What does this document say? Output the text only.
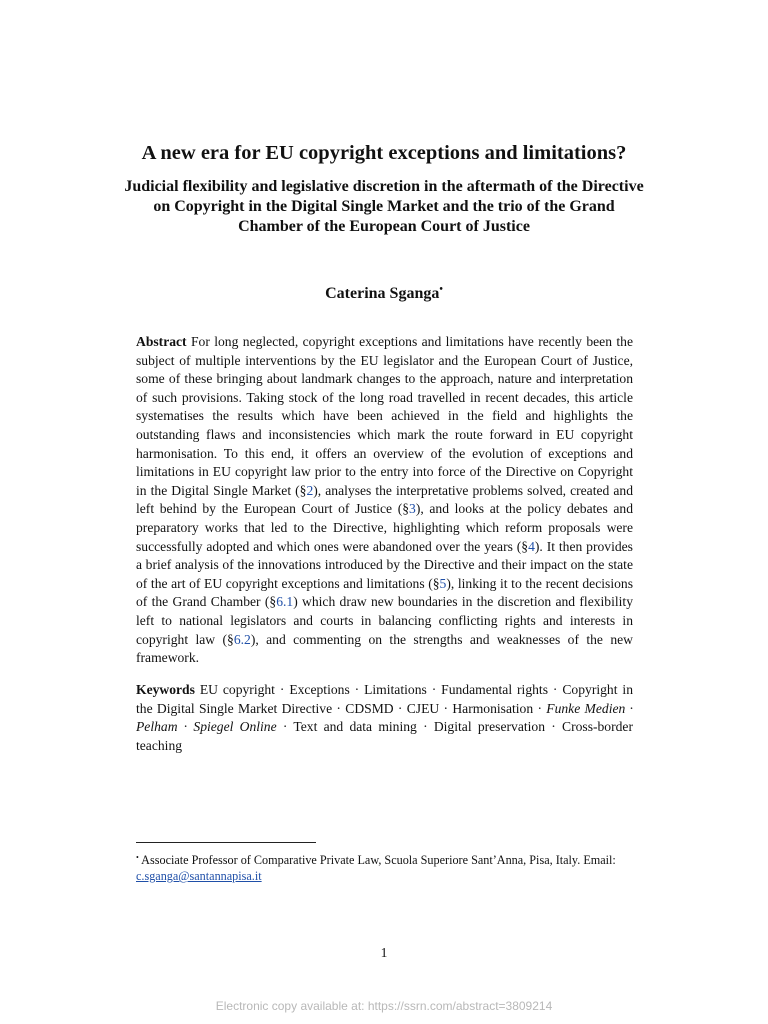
A new era for EU copyright exceptions and limitations?
Judicial flexibility and legislative discretion in the aftermath of the Directive on Copyright in the Digital Single Market and the trio of the Grand Chamber of the European Court of Justice
Caterina Sganga•
Abstract For long neglected, copyright exceptions and limitations have recently been the subject of multiple interventions by the EU legislator and the European Court of Justice, some of these bringing about landmark changes to the approach, nature and interpretation of such provisions. Taking stock of the long road travelled in recent decades, this article systematises the results which have been achieved in the field and highlights the outstanding flaws and inconsistencies which mark the route forward in EU copyright harmonisation. To this end, it offers an overview of the evolution of exceptions and limitations in EU copyright law prior to the entry into force of the Directive on Copyright in the Digital Single Market (§2), analyses the interpretative problems solved, created and left behind by the European Court of Justice (§3), and looks at the policy debates and preparatory works that led to the Directive, highlighting which reform proposals were successfully adopted and which ones were abandoned over the years (§4). It then provides a brief analysis of the innovations introduced by the Directive and their impact on the state of the art of EU copyright exceptions and limitations (§5), linking it to the recent decisions of the Grand Chamber (§6.1) which draw new boundaries in the discretion and flexibility left to national legislators and courts in balancing conflicting rights and interests in copyright law (§6.2), and commenting on the strengths and weaknesses of the new framework.
Keywords EU copyright · Exceptions · Limitations · Fundamental rights · Copyright in the Digital Single Market Directive · CDSMD · CJEU · Harmonisation · Funke Medien · Pelham · Spiegel Online · Text and data mining · Digital preservation · Cross-border teaching
• Associate Professor of Comparative Private Law, Scuola Superiore Sant’Anna, Pisa, Italy. Email: c.sganga@santannapisa.it
1
Electronic copy available at: https://ssrn.com/abstract=3809214
